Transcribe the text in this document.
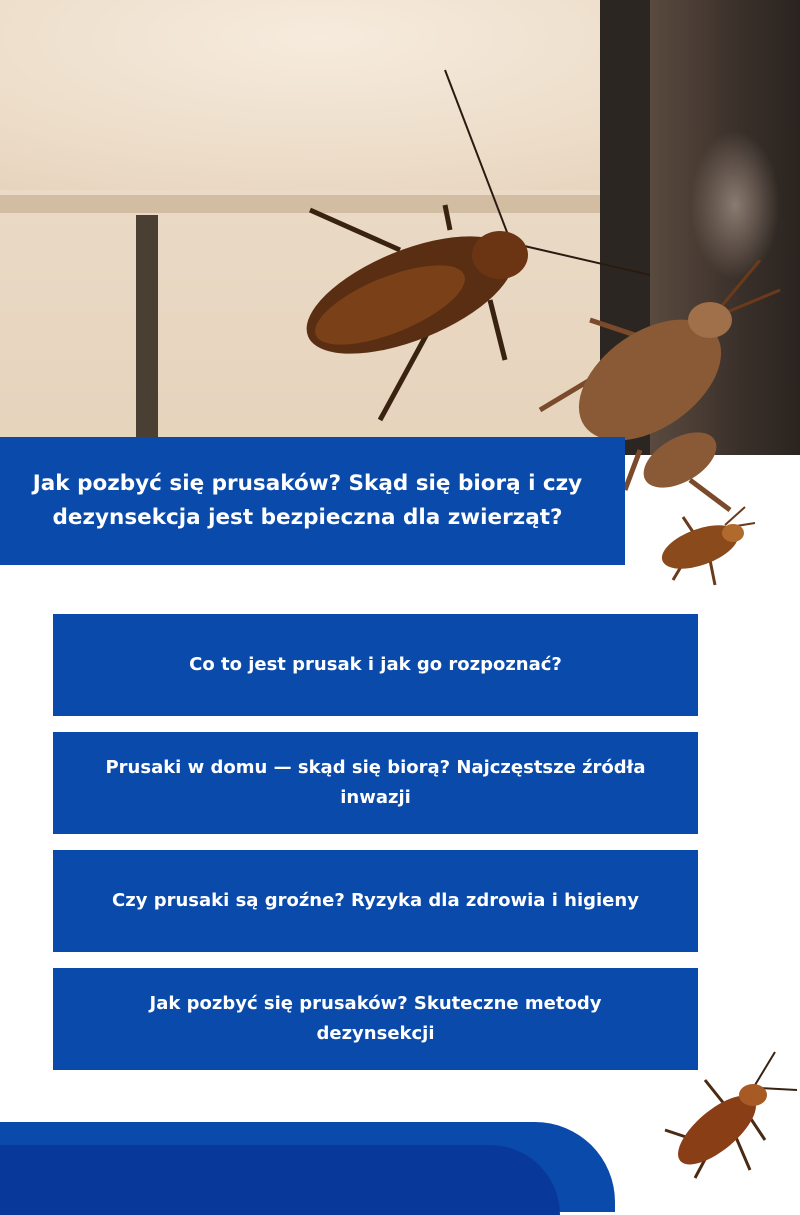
Jak pozbyć się prusaków? Skąd się biorą i czy dezynsekcja jest bezpieczna dla zwierząt?
Co to jest prusak i jak go rozpoznać?
Prusaki w domu — skąd się biorą? Najczęstsze źródła inwazji
Czy prusaki są groźne? Ryzyka dla zdrowia i higieny
Jak pozbyć się prusaków? Skuteczne metody dezynsekcji
